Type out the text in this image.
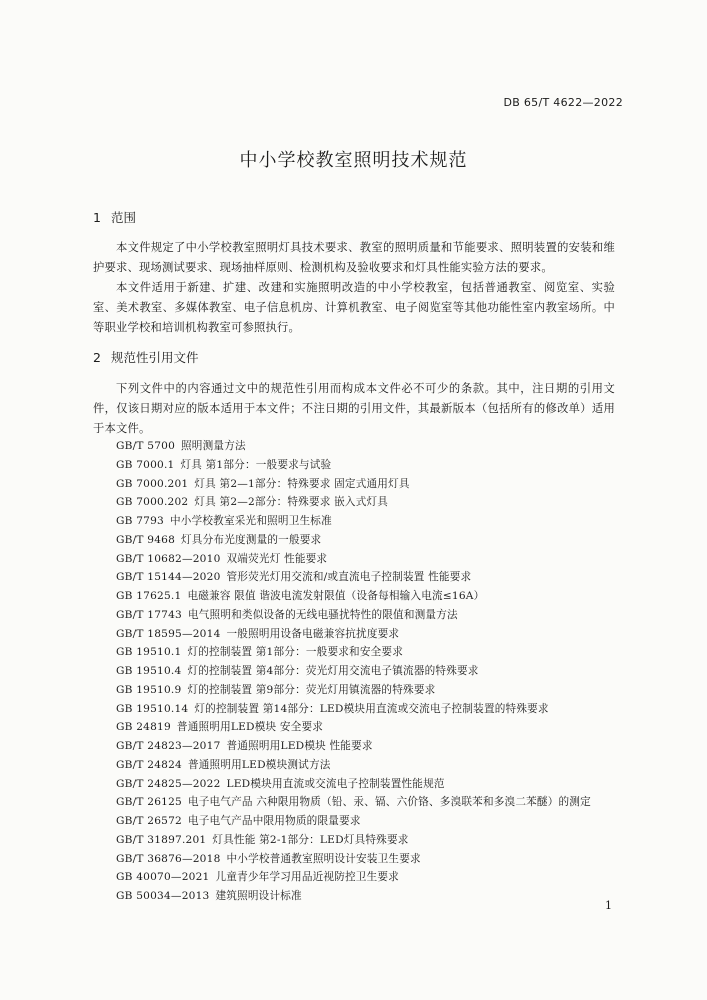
DB 65/T 4622—2022
中小学校教室照明技术规范
1 范围

本文件规定了中小学校教室照明灯具技术要求、教室的照明质量和节能要求、照明装置的安装和维护要求、现场测试要求、现场抽样原则、检测机构及验收要求和灯具性能实验方法的要求。

本文件适用于新建、扩建、改建和实施照明改造的中小学校教室，包括普通教室、阅览室、实验室、美术教室、多媒体教室、电子信息机房、计算机教室、电子阅览室等其他功能性室内教室场所。中等职业学校和培训机构教室可参照执行。

2 规范性引用文件

下列文件中的内容通过文中的规范性引用而构成本文件必不可少的条款。其中，注日期的引用文件，仅该日期对应的版本适用于本文件；不注日期的引用文件，其最新版本（包括所有的修改单）适用于本文件。

GB/T 5700 照明测量方法
GB 7000.1 灯具 第1部分：一般要求与试验
GB 7000.201 灯具 第2—1部分：特殊要求 固定式通用灯具
GB 7000.202 灯具 第2—2部分：特殊要求 嵌入式灯具
GB 7793 中小学校教室采光和照明卫生标准
GB/T 9468 灯具分布光度测量的一般要求
GB/T 10682—2010 双端荧光灯 性能要求
GB/T 15144—2020 管形荧光灯用交流和/或直流电子控制装置 性能要求
GB 17625.1 电磁兼容 限值 谐波电流发射限值（设备每相输入电流≤16A）
GB/T 17743 电气照明和类似设备的无线电骚扰特性的限值和测量方法
GB/T 18595—2014 一般照明用设备电磁兼容抗扰度要求
GB 19510.1 灯的控制装置 第1部分：一般要求和安全要求
GB 19510.4 灯的控制装置 第4部分：荧光灯用交流电子镇流器的特殊要求
GB 19510.9 灯的控制装置 第9部分：荧光灯用镇流器的特殊要求
GB 19510.14 灯的控制装置 第14部分：LED模块用直流或交流电子控制装置的特殊要求
GB 24819 普通照明用LED模块 安全要求
GB/T 24823—2017 普通照明用LED模块 性能要求
GB/T 24824 普通照明用LED模块测试方法
GB/T 24825—2022 LED模块用直流或交流电子控制装置性能规范
GB/T 26125 电子电气产品 六种限用物质（铅、汞、镉、六价铬、多溴联苯和多溴二苯醚）的测定
GB/T 26572 电子电气产品中限用物质的限量要求
GB/T 31897.201 灯具性能 第2-1部分：LED灯具特殊要求
GB/T 36876—2018 中小学校普通教室照明设计安装卫生要求
GB 40070—2021 儿童青少年学习用品近视防控卫生要求
GB 50034—2013 建筑照明设计标准
1
